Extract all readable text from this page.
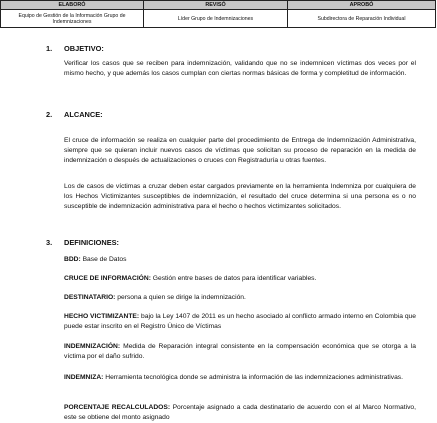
ELABORÓ	REVISÓ	APROBÓ
Equipo de Gestión de la Información Grupo de Indemnizaciones	Líder Grupo de Indemnizaciones	Subdirectora de Reparación Individual
1. OBJETIVO:

Verificar los casos que se reciben para indemnización, validando que no se indemnicen víctimas dos veces por el mismo hecho, y que además los casos cumplan con ciertas normas básicas de forma y completitud de información.

2. ALCANCE:

El cruce de información se realiza en cualquier parte del procedimiento de Entrega de Indemnización Administrativa, siempre que se quieran incluir nuevos casos de víctimas que solicitan su proceso de reparación en la medida de indemnización o después de actualizaciones o cruces con Registraduría u otras fuentes.

Los de casos de víctimas a cruzar deben estar cargados previamente en la herramienta Indemniza por cualquiera de los Hechos Victimizantes susceptibles de indemnización, el resultado del cruce determina si una persona es o no susceptible de indemnización administrativa para el hecho o hechos victimizantes solicitados.

3. DEFINICIONES:

BDD: Base de Datos

CRUCE DE INFORMACIÓN: Gestión entre bases de datos para identificar variables.

DESTINATARIO: persona a quien se dirige la indemnización.

HECHO VICTIMIZANTE: bajo la Ley 1407 de 2011 es un hecho asociado al conflicto armado interno en Colombia que puede estar inscrito en el Registro Único de Víctimas

INDEMNIZACIÓN: Medida de Reparación integral consistente en la compensación económica que se otorga a la víctima por el daño sufrido.

INDEMNIZA: Herramienta tecnológica donde se administra la información de las indemnizaciones administrativas.

PORCENTAJE RECALCULADOS: Porcentaje asignado a cada destinatario de acuerdo con el al Marco Normativo, este se obtiene del monto asignado
